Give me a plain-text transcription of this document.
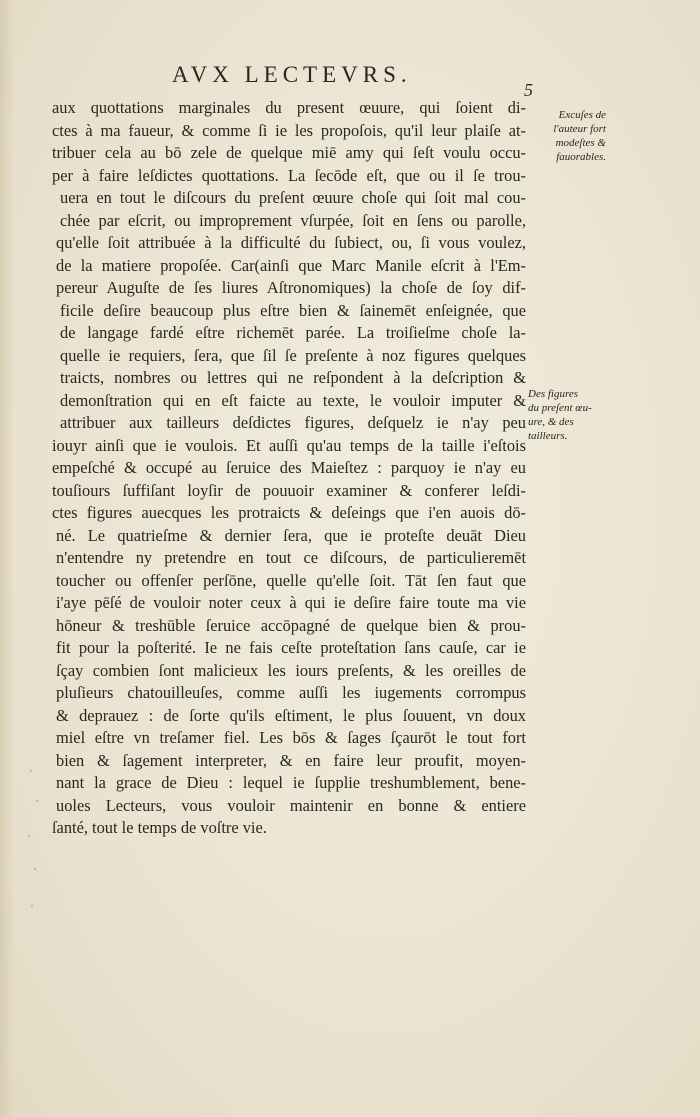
AVX LECTEVRS.
5
aux quottations marginales du present œuure, qui ſoient di-
ctes à ma faueur, & comme ſi ie les propoſois, qu'il leur plaiſe at-
tribuer cela au bō zele de quelque miē amy qui ſeſt voulu occu-
per à faire leſdictes quottations. La ſecōde eſt, que ou il ſe trou-
uera en tout le diſcours du preſent œuure choſe qui ſoit mal cou-
chée par eſcrit, ou improprement vſurpée, ſoit en ſens ou parolle,
qu'elle ſoit attribuée à la difficulté du ſubiect, ou, ſi vous voulez,
de la matiere propoſée. Car(ainſi que Marc Manile eſcrit à l'Em-
pereur Auguſte de ſes liures Aſtronomiques) la choſe de ſoy dif-
ficile deſire beaucoup plus eſtre bien & ſainemēt enſeignée, que
de langage fardé eſtre richemēt parée. La troiſieſme choſe la-
quelle ie requiers, ſera, que ſil ſe preſente à noz figures quelques
traicts, nombres ou lettres qui ne reſpondent à la deſcription &
demonſtration qui en eſt faicte au texte, le vouloir imputer &
attribuer aux tailleurs deſdictes figures, deſquelz ie n'ay peu
iouyr ainſi que ie voulois. Et auſſi qu'au temps de la taille i'eſtois
empeſché & occupé au ſeruice des Maieſtez : parquoy ie n'ay eu
touſiours ſuffiſant loyſir de pouuoir examiner & conferer leſdi-
ctes figures auecques les protraicts & deſeings que i'en auois dō-
né. Le quatrieſme & dernier ſera, que ie proteſte deuāt Dieu
n'entendre ny pretendre en tout ce diſcours, de particulieremēt
toucher ou offenſer perſōne, quelle qu'elle ſoit. Tāt ſen faut que
i'aye pēſé de vouloir noter ceux à qui ie deſire faire toute ma vie
hōneur & treshūble ſeruice accōpagné de quelque bien & prou-
fit pour la poſterité. Ie ne fais ceſte proteſtation ſans cauſe, car ie
ſçay combien ſont malicieux les iours preſents, & les oreilles de
pluſieurs chatouilleuſes, comme auſſi les iugements corrompus
& deprauez : de ſorte qu'ils eſtiment, le plus ſouuent, vn doux
miel eſtre vn treſamer fiel. Les bōs & ſages ſçaurōt le tout fort
bien & ſagement interpreter, & en faire leur proufit, moyen-
nant la grace de Dieu : lequel ie ſupplie treshumblement, bene-
uoles Lecteurs, vous vouloir maintenir en bonne & entiere
ſanté, tout le temps de voſtre vie.
Excuſes de
l'auteur fort
modeſtes &
fauorables.
Des figures
du preſent œu-
ure, & des
tailleurs.
